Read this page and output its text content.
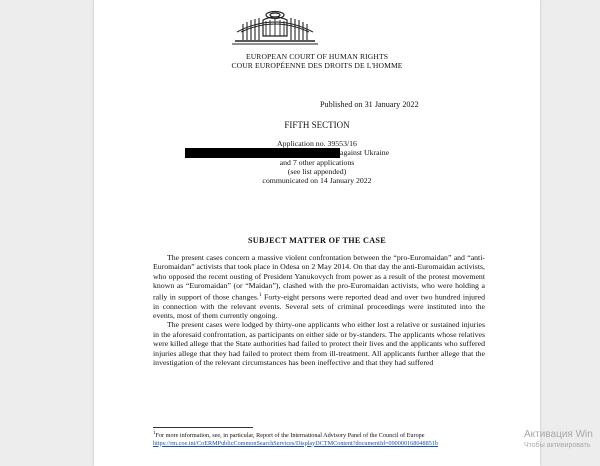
EUROPEAN COURT OF HUMAN RIGHTS
COUR EUROPÉENNE DES DROITS DE L'HOMME
Published on 31 January 2022
FIFTH SECTION
Application no. 39553/16
against Ukraine
and 7 other applications
(see list appended)
communicated on 14 January 2022
SUBJECT MATTER OF THE CASE

The present cases concern a massive violent confrontation between the “pro-Euromaidan” and “anti-Euromaidan” activists that took place in Odesa on 2 May 2014. On that day the anti-Euromaidan activists, who opposed the recent ousting of President Yanukovych from power as a result of the protest movement known as “Euromaidan” (or “Maidan”), clashed with the pro-Euromaidan activists, who were holding a rally in support of those changes.$^1$ Forty-eight persons were reported dead and over two hundred injured in connection with the relevant events. Several sets of criminal proceedings were instituted into the events, most of them currently ongoing.

The present cases were lodged by thirty-one applicants who either lost a relative or sustained injuries in the aforesaid confrontation, as participants on either side or by-standers. The applicants whose relatives were killed allege that the State authorities had failed to protect their lives and the applicants who suffered injuries allege that they had failed to protect them from ill-treatment. All applicants further allege that the investigation of the relevant circumstances has been ineffective and that they had suffered

$^1$For more information, see, in particular, Report of the International Advisory Panel of the Council of Europe
https://rm.coe.int/CoERMPublicCommonSearchServices/DisplayDCTMContent?documentId=090000168048851b
Активация Win
Чтобы активировать
